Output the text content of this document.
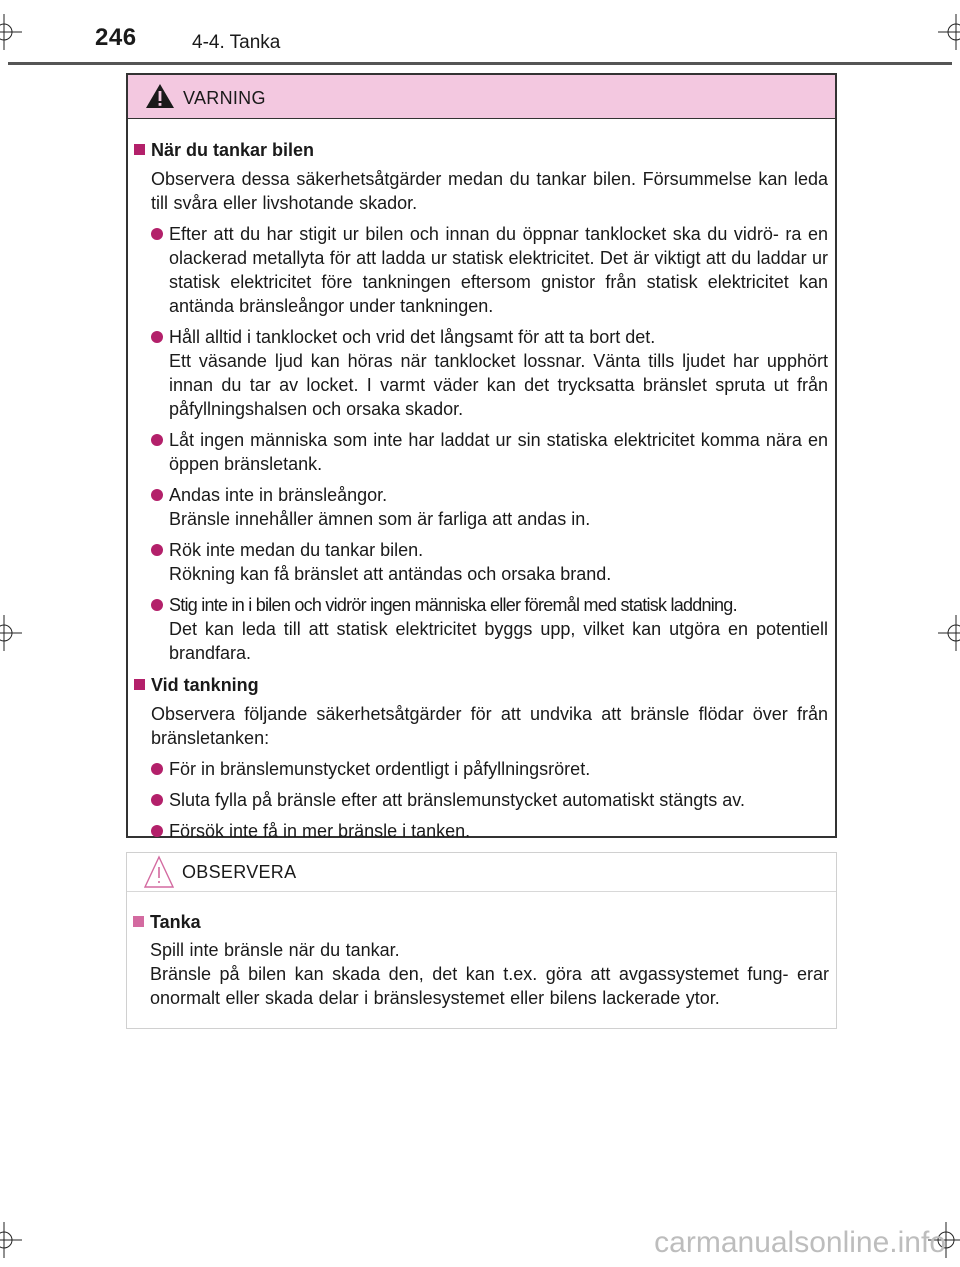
246	4-4. Tanka
VARNING
När du tankar bilen
Observera dessa säkerhetsåtgärder medan du tankar bilen. Försummelse kan leda till svåra eller livshotande skador.

Efter att du har stigit ur bilen och innan du öppnar tanklocket ska du vidrö- ra en olackerad metallyta för att ladda ur statisk elektricitet. Det är viktigt att du laddar ur statisk elektricitet före tankningen eftersom gnistor från statisk elektricitet kan antända bränsleångor under tankningen.

Håll alltid i tanklocket och vrid det långsamt för att ta bort det.
Ett väsande ljud kan höras när tanklocket lossnar. Vänta tills ljudet har upphört innan du tar av locket. I varmt väder kan det trycksatta bränslet spruta ut från påfyllningshalsen och orsaka skador.

Låt ingen människa som inte har laddat ur sin statiska elektricitet komma nära en öppen bränsletank.

Andas inte in bränsleångor.
Bränsle innehåller ämnen som är farliga att andas in.

Rök inte medan du tankar bilen.
Rökning kan få bränslet att antändas och orsaka brand.

Stig inte in i bilen och vidrör ingen människa eller föremål med statisk laddning.
Det kan leda till att statisk elektricitet byggs upp, vilket kan utgöra en potentiell brandfara.

Vid tankning
Observera följande säkerhetsåtgärder för att undvika att bränsle flödar över från bränsletanken:

För in bränslemunstycket ordentligt i påfyllningsröret.

Sluta fylla på bränsle efter att bränslemunstycket automatiskt stängts av.

Försök inte få in mer bränsle i tanken.

OBSERVERA
Tanka
Spill inte bränsle när du tankar.
Bränsle på bilen kan skada den, det kan t.ex. göra att avgassystemet fung- erar onormalt eller skada delar i bränslesystemet eller bilens lackerade ytor.
carmanualsonline.info
